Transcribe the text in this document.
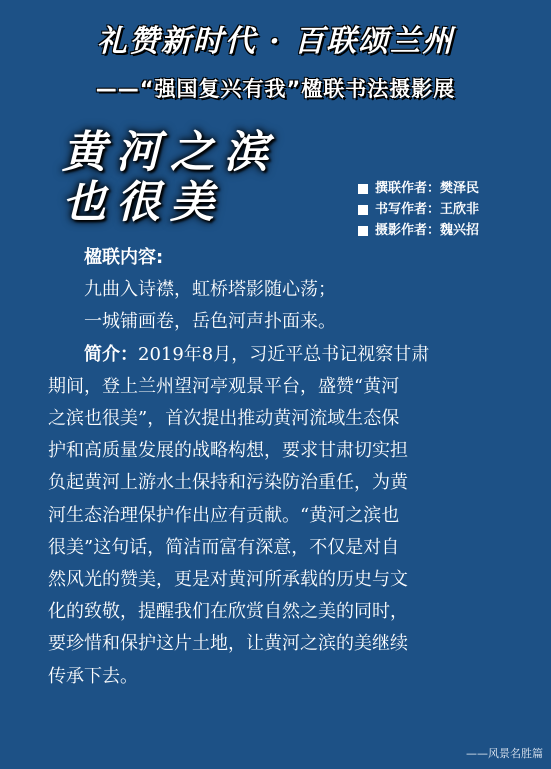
礼赞新时代 · 百联颂兰州
——“强国复兴有我”楹联书法摄影展
黄河之滨
也很美	撰联作者： 樊泽民
书写作者： 王欣非
摄影作者： 魏兴招
楹联内容:
九曲入诗襟，虹桥塔影随心荡；
一城铺画卷，岳色河声扑面来。
简介：2019年8月，习近平总书记视察甘肃
期间，登上兰州望河亭观景平台，盛赞“黄河
之滨也很美”，首次提出推动黄河流域生态保
护和高质量发展的战略构想，要求甘肃切实担
负起黄河上游水土保持和污染防治重任，为黄
河生态治理保护作出应有贡献。“黄河之滨也
很美”这句话，简洁而富有深意，不仅是对自
然风光的赞美，更是对黄河所承载的历史与文
化的致敬，提醒我们在欣赏自然之美的同时，
要珍惜和保护这片土地，让黄河之滨的美继续
传承下去。
——风景名胜篇
